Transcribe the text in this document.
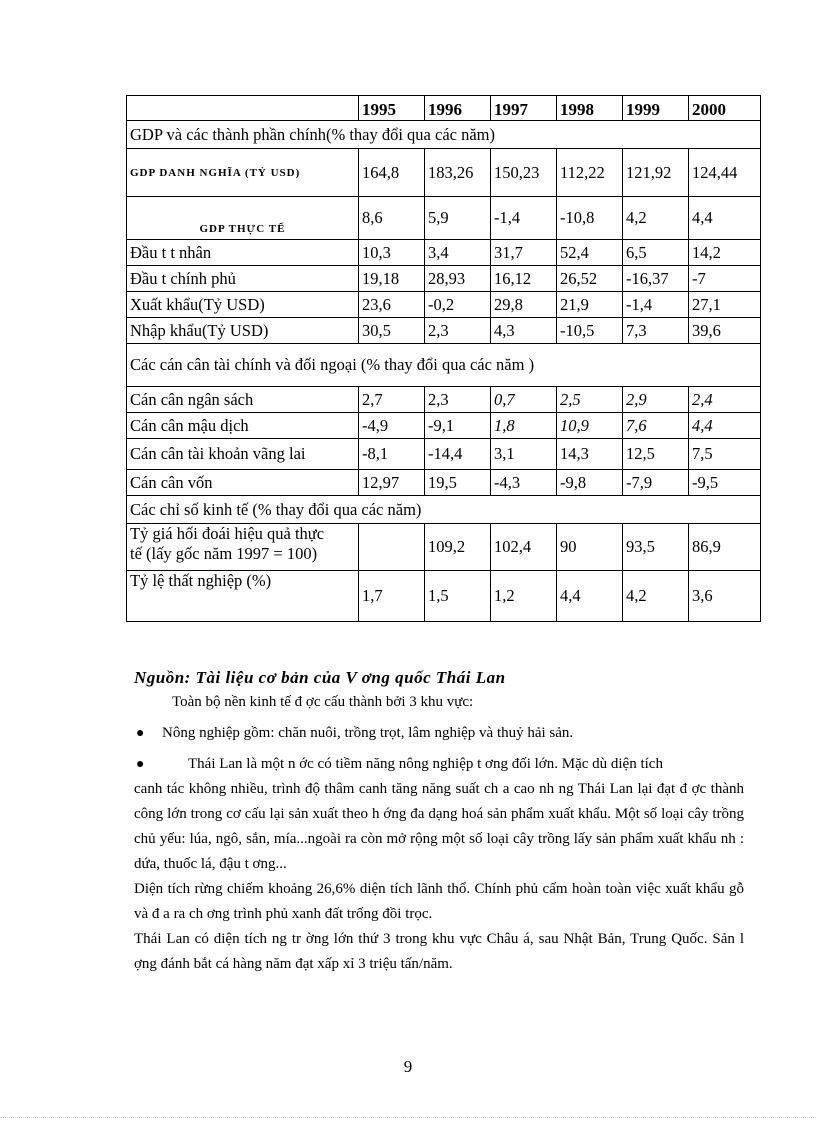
	1995	1996	1997	1998	1999	2000
GDP và các thành phần chính(% thay đổi qua các năm)						
GDP DANH NGHĨA (TỶ USD)	164,8	183,26	150,23	112,22	121,92	124,44
GDP THỰC TẾ	8,6	5,9	-1,4	-10,8	4,2	4,4
Đầu t t nhân	10,3	3,4	31,7	52,4	6,5	14,2
Đầu t chính phủ	19,18	28,93	16,12	26,52	-16,37	-7
Xuất khẩu(Tỷ USD)	23,6	-0,2	29,8	21,9	-1,4	27,1
Nhập khẩu(Tỷ USD)	30,5	2,3	4,3	-10,5	7,3	39,6
Các cán cân tài chính và đối ngoại (% thay đổi qua các năm )						
Cán cân ngân sách	2,7	2,3	0,7	2,5	2,9	2,4
Cán cân mậu dịch	-4,9	-9,1	1,8	10,9	7,6	4,4
Cán cân tài khoản vãng lai	-8,1	-14,4	3,1	14,3	12,5	7,5
Cán cân vốn	12,97	19,5	-4,3	-9,8	-7,9	-9,5
Các chỉ số kinh tế (% thay đổi qua các năm)						

Tỷ giá hối đoái hiệu quả thực
tế (lấy gốc năm 1997 = 100)		109,2	102,4	90	93,5	86,9
Tỷ lệ thất nghiệp (%)	1,7	1,5	1,2	4,4	4,2	3,6

Nguồn: Tài liệu cơ bản của V ơng quốc Thái Lan

Toàn bộ nền kinh tế đ ợc cấu thành bởi 3 khu vực:

●	Nông nghiệp gồm: chăn nuôi, trồng trọt, lâm nghiệp và thuỷ hải sản.
●	Thái Lan là một n ớc có tiềm năng nông nghiệp t ơng đối lớn. Mặc dù diện tích

canh tác không nhiều, trình độ thâm canh tăng năng suất ch a cao nh ng Thái Lan lại đạt đ ợc thành công lớn trong cơ cấu lại sản xuất theo h ớng đa dạng hoá sản phẩm xuất khẩu. Một số loại cây trồng chủ yếu: lúa, ngô, sắn, mía...ngoài ra còn mở rộng một số loại cây trồng lấy sản phẩm xuất khẩu nh : dứa, thuốc lá, đậu t ơng...

Diện tích rừng chiếm khoảng 26,6% diện tích lãnh thổ. Chính phủ cấm hoàn toàn việc xuất khẩu gỗ và đ a ra ch ơng trình phủ xanh đất trống đồi trọc.

Thái Lan có diện tích ng tr ờng lớn thứ 3 trong khu vực Châu á, sau Nhật Bản, Trung Quốc. Sản l ợng đánh bắt cá hàng năm đạt xấp xỉ 3 triệu tấn/năm.

9
